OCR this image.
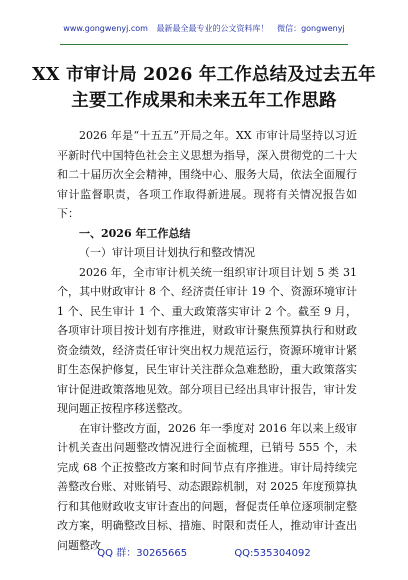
www.gongwenyj.com 最新最全最专业的公文资料库！ 微信：gongwenyj
XX 市审计局 2026 年工作总结及过去五年
主要工作成果和未来五年工作思路

2026 年是“十五五”开局之年。XX 市审计局坚持以习近平新时代中国特色社会主义思想为指导，深入贯彻党的二十大和二十届历次全会精神，围绕中心、服务大局，依法全面履行审计监督职责，各项工作取得新进展。现将有关情况报告如下：

一、2026 年工作总结

（一）审计项目计划执行和整改情况

2026 年，全市审计机关统一组织审计项目计划 5 类 31 个，其中财政审计 8 个、经济责任审计 19 个、资源环境审计 1 个、民生审计 1 个、重大政策落实审计 2 个。截至 9 月，各项审计项目按计划有序推进，财政审计聚焦预算执行和财政资金绩效，经济责任审计突出权力规范运行，资源环境审计紧盯生态保护修复，民生审计关注群众急难愁盼，重大政策落实审计促进政策落地见效。部分项目已经出具审计报告，审计发现问题正按程序移送整改。

在审计整改方面，2026 年一季度对 2016 年以来上级审计机关查出问题整改情况进行全面梳理，已销号 555 个，未完成 68 个正按整改方案和时间节点有序推进。审计局持续完善整改台账、对账销号、动态跟踪机制，对 2025 年度预算执行和其他财政收支审计查出的问题，督促责任单位逐项制定整改方案，明确整改目标、措施、时限和责任人，推动审计查出问题整改

QQ 群：30265665	QQ:535304092
